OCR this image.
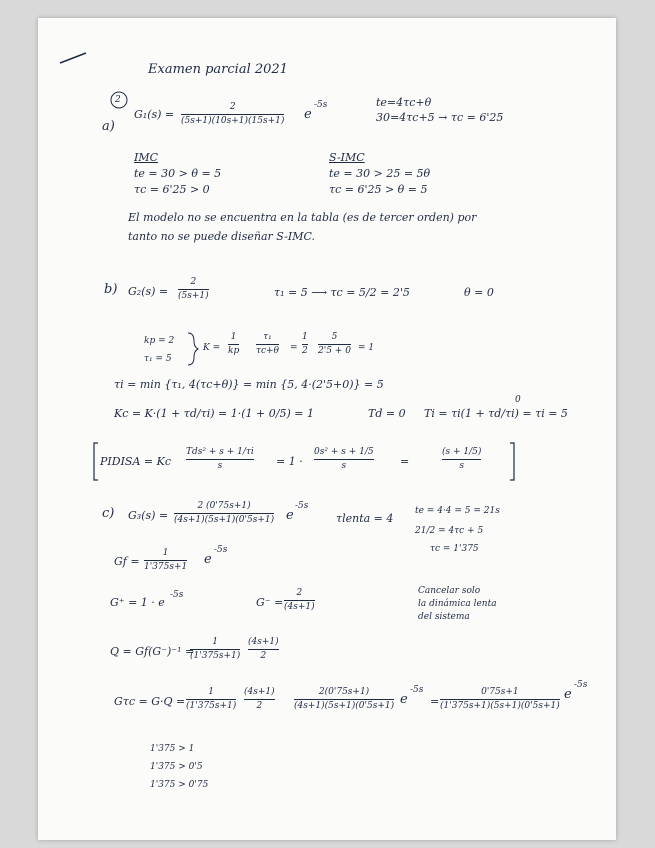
Examen parcial 2021

2

a)

G₁(s) =

2
(5s+1)(10s+1)(15s+1) e

-5s	te=4τc+θ

30=4τc+5 → τc = 6'25

IMC

te = 30 > θ = 5

τc = 6'25 > 0

S-IMC

te = 30 > 25 = 5θ

τc = 6'25 > θ = 5

El modelo no se encuentra en la tabla (es de tercer orden) por

tanto no se puede diseñar S-IMC.

b) G₂(s) =

2
(5s+1)	τ₁ = 5 ⟶ τc = 5/2 = 2'5	θ = 0

kp = 2

τ₁ = 5

K =

1
kp
τ₁
τc+θ =

1
2
5
2'5 + 0 = 1

τi = min {τ₁, 4(τc+θ)} = min {5, 4·(2'5+0)} = 5

Kc = K·(1 + τd/τi) = 1·(1 + 0/5) = 1	Td = 0 Ti = τi(1 + τd/τi) = τi = 5

0

PIDISA = Kc

Tds² + s + 1/τi
s	= 1 ·

0s² + s + 1/5
s	=

(s + 1/5)
s

c) G₃(s) =

2 (0'75s+1)
(4s+1)(5s+1)(0'5s+1) e

-5s

τlenta = 4

te = 4·4 = 5 = 21s

21/2 = 4τc + 5

τc = 1'375

Gf =

1
1'375s+1 e

-5s

G⁺ = 1 · e

-5s

G⁻ =

2
(4s+1)

Cancelar solo

la dinámica lenta

del sistema

Q = Gf(G⁻)⁻¹ =

1
(1'375s+1)
(4s+1)
2

Gτc = G·Q =

1
(1'375s+1)
(4s+1)
2
2(0'75s+1)
(4s+1)(5s+1)(0'5s+1) e

-5s

=

0'75s+1
(1'375s+1)(5s+1)(0'5s+1)

e

-5s

1'375 > 1

1'375 > 0'5

1'375 > 0'75
